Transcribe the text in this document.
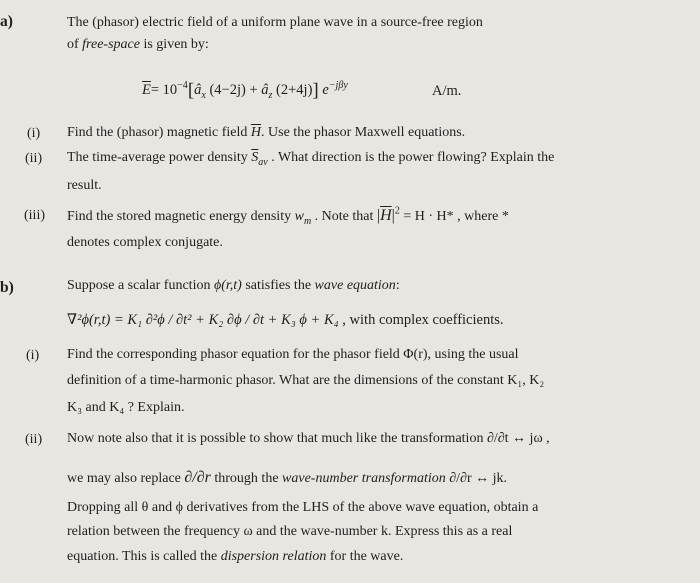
a)	The (phasor) electric field of a uniform plane wave in a source-free region
of free-space is given by:
$\overline{E}=$ $10^{-4}[â_x$ $(4-2j) + â_z$ (2+4j)] $e^{-j\beta y}$	A/m.
(i) Find the (phasor) magnetic field $\overline{H}$. Use the phasor Maxwell equations.
(ii) The time-average power density $\overline{S}_{av}$ . What direction is the power flowing? Explain the
result.
(iii) Find the stored magnetic energy density $w_m$ . Note that $|\overline{H}|^2 = H \cdot H*$ , where *
denotes complex conjugate.
b)	Suppose a scalar function ϕ(r,t) satisfies the wave equation:
∇²ϕ(r,t) = K₁ ∂²ϕ / ∂t² + K₂ ∂ϕ / ∂t + K₃ ϕ + K₄ , with complex coefficients.
(i) Find the corresponding phasor equation for the phasor field Φ(r), using the usual
definition of a time-harmonic phasor. What are the dimensions of the constant K₁, K₂
K₃ and K₄ ? Explain.
(ii) Now note also that it is possible to show that much like the transformation ∂/∂t ↔ jω ,
we may also replace ∂/∂r through the wave-number transformation ∂/∂r ↔ jk.
Dropping all θ and ϕ derivatives from the LHS of the above wave equation, obtain a
relation between the frequency ω and the wave-number k. Express this as a real
equation. This is called the dispersion relation for the wave.
